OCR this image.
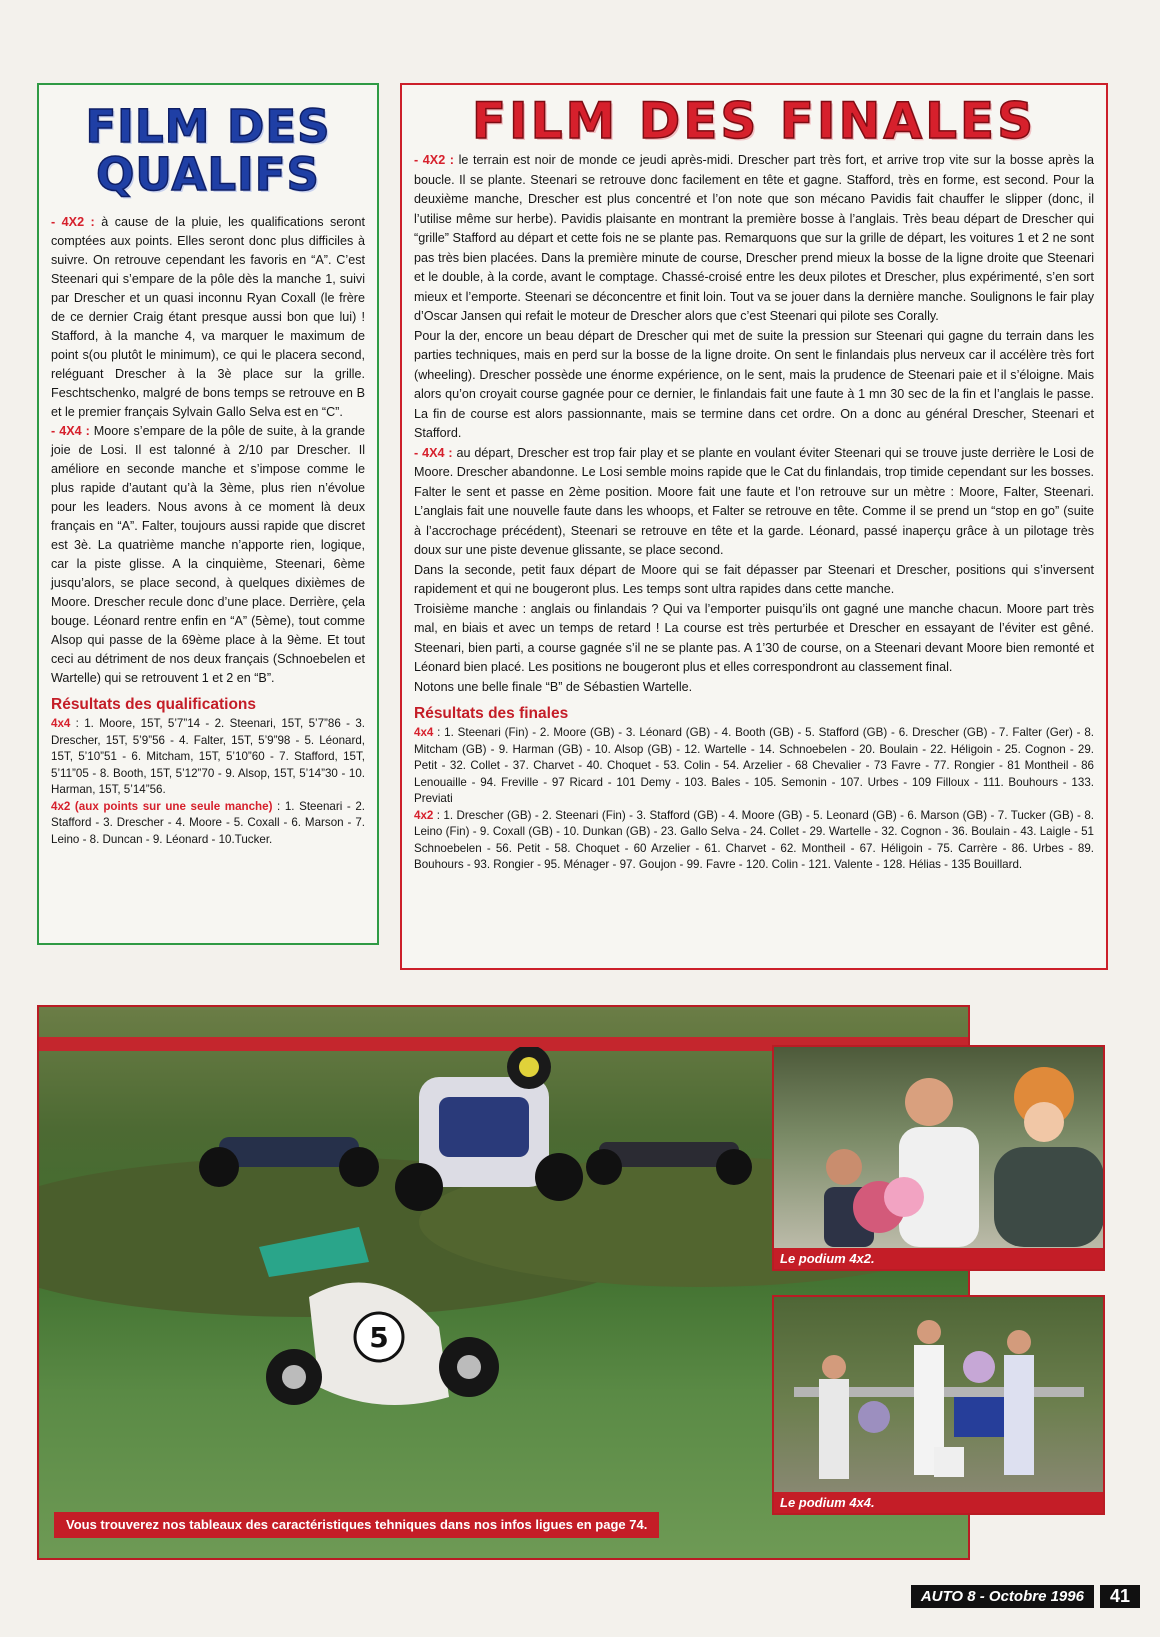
FILM DES
QUALIFS

- 4X2 : à cause de la pluie, les qualifications seront comptées aux points. Elles seront donc plus difficiles à suivre. On retrouve cependant les favoris en “A”. C’est Steenari qui s’empare de la pôle dès la manche 1, suivi par Drescher et un quasi inconnu Ryan Coxall (le frère de ce dernier Craig étant presque aussi bon que lui) ! Stafford, à la manche 4, va marquer le maximum de point s(ou plutôt le minimum), ce qui le placera second, reléguant Drescher à la 3è place sur la grille. Feschtschenko, malgré de bons temps se retrouve en B et le premier français Sylvain Gallo Selva est en “C”.

- 4X4 : Moore s’empare de la pôle de suite, à la grande joie de Losi. Il est talonné à 2/10 par Drescher. Il améliore en seconde manche et s’impose comme le plus rapide d’autant qu’à la 3ème, plus rien n’évolue pour les leaders. Nous avons à ce moment là deux français en “A”. Falter, toujours aussi rapide que discret est 3è. La quatrième manche n’apporte rien, logique, car la piste glisse. A la cinquième, Steenari, 6ème jusqu’alors, se place second, à quelques dixièmes de Moore. Drescher recule donc d’une place. Derrière, çela bouge. Léonard rentre enfin en “A” (5ème), tout comme Alsop qui passe de la 69ème place à la 9ème. Et tout ceci au détriment de nos deux français (Schnoebelen et Wartelle) qui se retrouvent 1 et 2 en “B”.

Résultats des qualifications

4x4 : 1. Moore, 15T, 5’7”14 - 2. Steenari, 15T, 5’7”86 - 3. Drescher, 15T, 5’9”56 - 4. Falter, 15T, 5’9”98 - 5. Léonard, 15T, 5’10”51 - 6. Mitcham, 15T, 5’10”60 - 7. Stafford, 15T, 5’11”05 - 8. Booth, 15T, 5’12”70 - 9. Alsop, 15T, 5’14”30 - 10. Harman, 15T, 5’14”56.

4x2 (aux points sur une seule manche) : 1. Steenari - 2. Stafford - 3. Drescher - 4. Moore - 5. Coxall - 6. Marson - 7. Leino - 8. Duncan - 9. Léonard - 10.Tucker.

FILM DES FINALES

- 4X2 : le terrain est noir de monde ce jeudi après-midi. Drescher part très fort, et arrive trop vite sur la bosse après la boucle. Il se plante. Steenari se retrouve donc facilement en tête et gagne. Stafford, très en forme, est second. Pour la deuxième manche, Drescher est plus concentré et l’on note que son mécano Pavidis fait chauffer le slipper (donc, il l’utilise même sur herbe). Pavidis plaisante en montrant la première bosse à l’anglais. Très beau départ de Drescher qui “grille” Stafford au départ et cette fois ne se plante pas. Remarquons que sur la grille de départ, les voitures 1 et 2 ne sont pas très bien placées. Dans la première minute de course, Drescher prend mieux la bosse de la ligne droite que Steenari et le double, à la corde, avant le comptage. Chassé-croisé entre les deux pilotes et Drescher, plus expérimenté, s’en sort mieux et l’emporte. Steenari se déconcentre et finit loin. Tout va se jouer dans la dernière manche. Soulignons le fair play d’Oscar Jansen qui refait le moteur de Drescher alors que c’est Steenari qui pilote ses Corally.

Pour la der, encore un beau départ de Drescher qui met de suite la pression sur Steenari qui gagne du terrain dans les parties techniques, mais en perd sur la bosse de la ligne droite. On sent le finlandais plus nerveux car il accélère très fort (wheeling). Drescher possède une énorme expérience, on le sent, mais la prudence de Steenari paie et il s’éloigne. Mais alors qu’on croyait course gagnée pour ce dernier, le finlandais fait une faute à 1 mn 30 sec de la fin et l’anglais le passe. La fin de course est alors passionnante, mais se termine dans cet ordre. On a donc au général Drescher, Steenari et Stafford.

- 4X4 : au départ, Drescher est trop fair play et se plante en voulant éviter Steenari qui se trouve juste derrière le Losi de Moore. Drescher abandonne. Le Losi semble moins rapide que le Cat du finlandais, trop timide cependant sur les bosses. Falter le sent et passe en 2ème position. Moore fait une faute et l’on retrouve sur un mètre : Moore, Falter, Steenari. L’anglais fait une nouvelle faute dans les whoops, et Falter se retrouve en tête. Comme il se prend un “stop en go” (suite à l’accrochage précédent), Steenari se retrouve en tête et la garde. Léonard, passé inaperçu grâce à un pilotage très doux sur une piste devenue glissante, se place second.

Dans la seconde, petit faux départ de Moore qui se fait dépasser par Steenari et Drescher, positions qui s’inversent rapidement et qui ne bougeront plus. Les temps sont ultra rapides dans cette manche.

Troisième manche : anglais ou finlandais ? Qui va l’emporter puisqu’ils ont gagné une manche chacun. Moore part très mal, en biais et avec un temps de retard ! La course est très perturbée et Drescher en essayant de l’éviter est gêné. Steenari, bien parti, a course gagnée s’il ne se plante pas. A 1’30 de course, on a Steenari devant Moore bien remonté et Léonard bien placé. Les positions ne bougeront plus et elles correspondront au classement final.

Notons une belle finale “B” de Sébastien Wartelle.

Résultats des finales

4x4 : 1. Steenari (Fin) - 2. Moore (GB) - 3. Léonard (GB) - 4. Booth (GB) - 5. Stafford (GB) - 6. Drescher (GB) - 7. Falter (Ger) - 8. Mitcham (GB) - 9. Harman (GB) - 10. Alsop (GB) - 12. Wartelle - 14. Schnoebelen - 20. Boulain - 22. Héligoin - 25. Cognon - 29. Petit - 32. Collet - 37. Charvet - 40. Choquet - 53. Colin - 54. Arzelier - 68 Chevalier - 73 Favre - 77. Rongier - 81 Montheil - 86 Lenouaille - 94. Freville - 97 Ricard - 101 Demy - 103. Bales - 105. Semonin - 107. Urbes - 109 Filloux - 111. Bouhours - 133. Previati

4x2 : 1. Drescher (GB) - 2. Steenari (Fin) - 3. Stafford (GB) - 4. Moore (GB) - 5. Leonard (GB) - 6. Marson (GB) - 7. Tucker (GB) - 8. Leino (Fin) - 9. Coxall (GB) - 10. Dunkan (GB) - 23. Gallo Selva - 24. Collet - 29. Wartelle - 32. Cognon - 36. Boulain - 43. Laigle - 51 Schnoebelen - 56. Petit - 58. Choquet - 60 Arzelier - 61. Charvet - 62. Montheil - 67. Héligoin - 75. Carrère - 86. Urbes - 89. Bouhours - 93. Rongier - 95. Ménager - 97. Goujon - 99. Favre - 120. Colin - 121. Valente - 128. Hélias - 135 Bouillard.

5
Vous trouverez nos tableaux des caractéristiques tehniques dans nos infos ligues en page 74.
Le podium 4x2.
Le podium 4x4.
AUTO 8 - Octobre 1996	41
